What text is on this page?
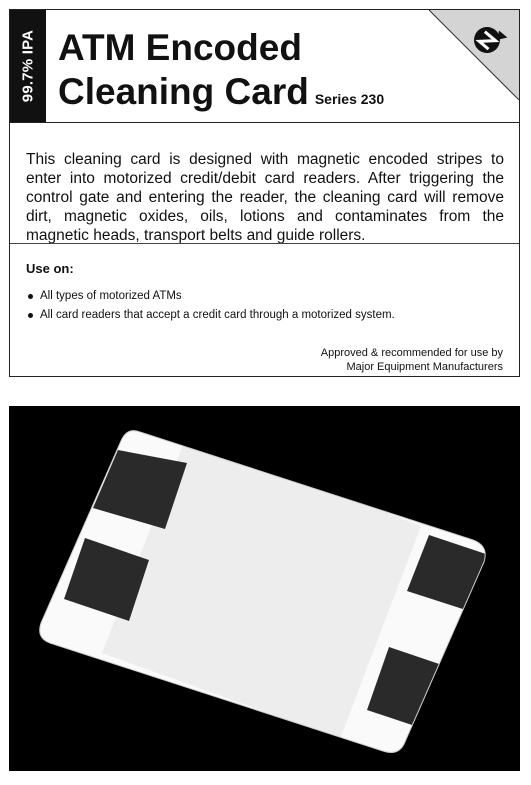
99.7% IPA ATM Encoded
Cleaning Card Series 230

This cleaning card is designed with magnetic encoded stripes to enter into motorized credit/debit card readers. After triggering the control gate and entering the reader, the cleaning card will remove dirt, magnetic oxides, oils, lotions and contaminates from the magnetic heads, transport belts and guide rollers.

Use on:
All types of motorized ATMs
All card readers that accept a credit card through a motorized system.
Approved & recommended for use by
Major Equipment Manufacturers
